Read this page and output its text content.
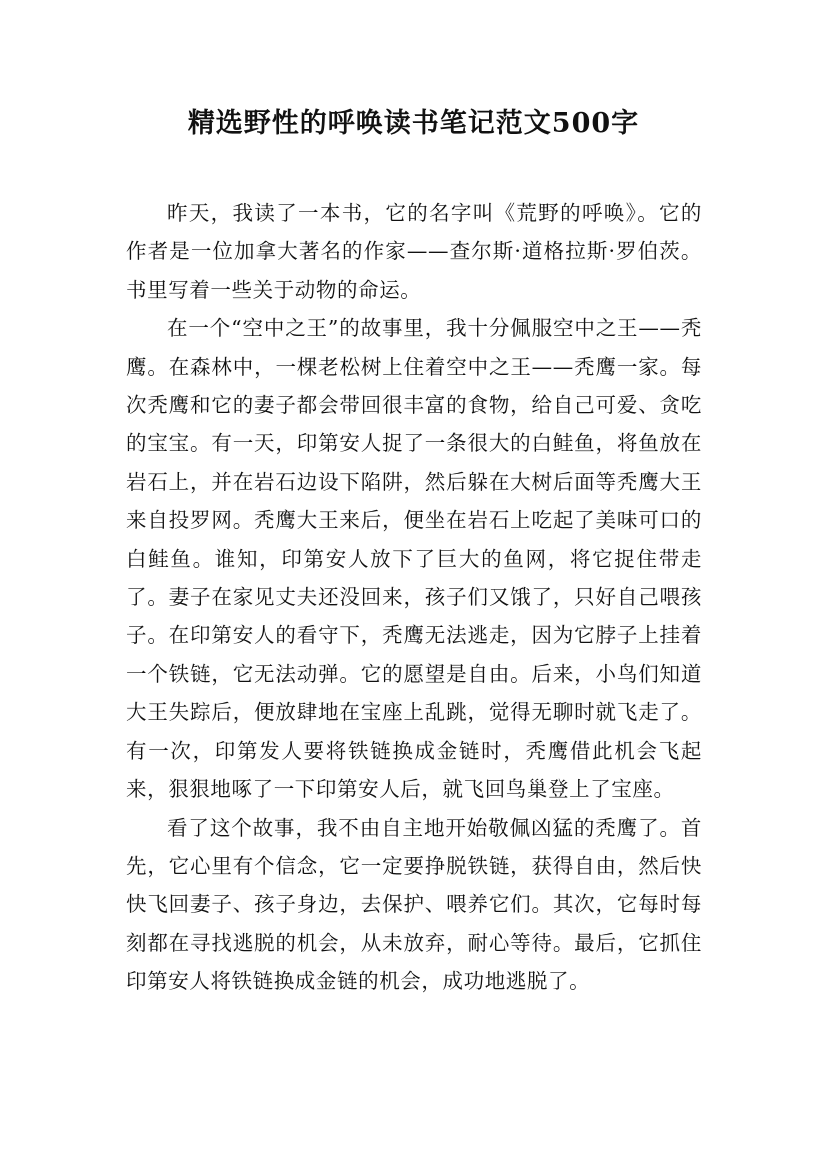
精选野性的呼唤读书笔记范文500字

昨天，我读了一本书，它的名字叫《荒野的呼唤》。它的作者是一位加拿大著名的作家——查尔斯·道格拉斯·罗伯茨。书里写着一些关于动物的命运。

在一个“空中之王”的故事里，我十分佩服空中之王——秃鹰。在森林中，一棵老松树上住着空中之王——秃鹰一家。每次秃鹰和它的妻子都会带回很丰富的食物，给自己可爱、贪吃的宝宝。有一天，印第安人捉了一条很大的白鲑鱼，将鱼放在岩石上，并在岩石边设下陷阱，然后躲在大树后面等秃鹰大王来自投罗网。秃鹰大王来后，便坐在岩石上吃起了美味可口的白鲑鱼。谁知，印第安人放下了巨大的鱼网，将它捉住带走了。妻子在家见丈夫还没回来，孩子们又饿了，只好自己喂孩子。在印第安人的看守下，秃鹰无法逃走，因为它脖子上挂着一个铁链，它无法动弹。它的愿望是自由。后来，小鸟们知道大王失踪后，便放肆地在宝座上乱跳，觉得无聊时就飞走了。有一次，印第发人要将铁链换成金链时，秃鹰借此机会飞起来，狠狠地啄了一下印第安人后，就飞回鸟巢登上了宝座。

看了这个故事，我不由自主地开始敬佩凶猛的秃鹰了。首先，它心里有个信念，它一定要挣脱铁链，获得自由，然后快快飞回妻子、孩子身边，去保护、喂养它们。其次，它每时每刻都在寻找逃脱的机会，从未放弃，耐心等待。最后，它抓住印第安人将铁链换成金链的机会，成功地逃脱了。
